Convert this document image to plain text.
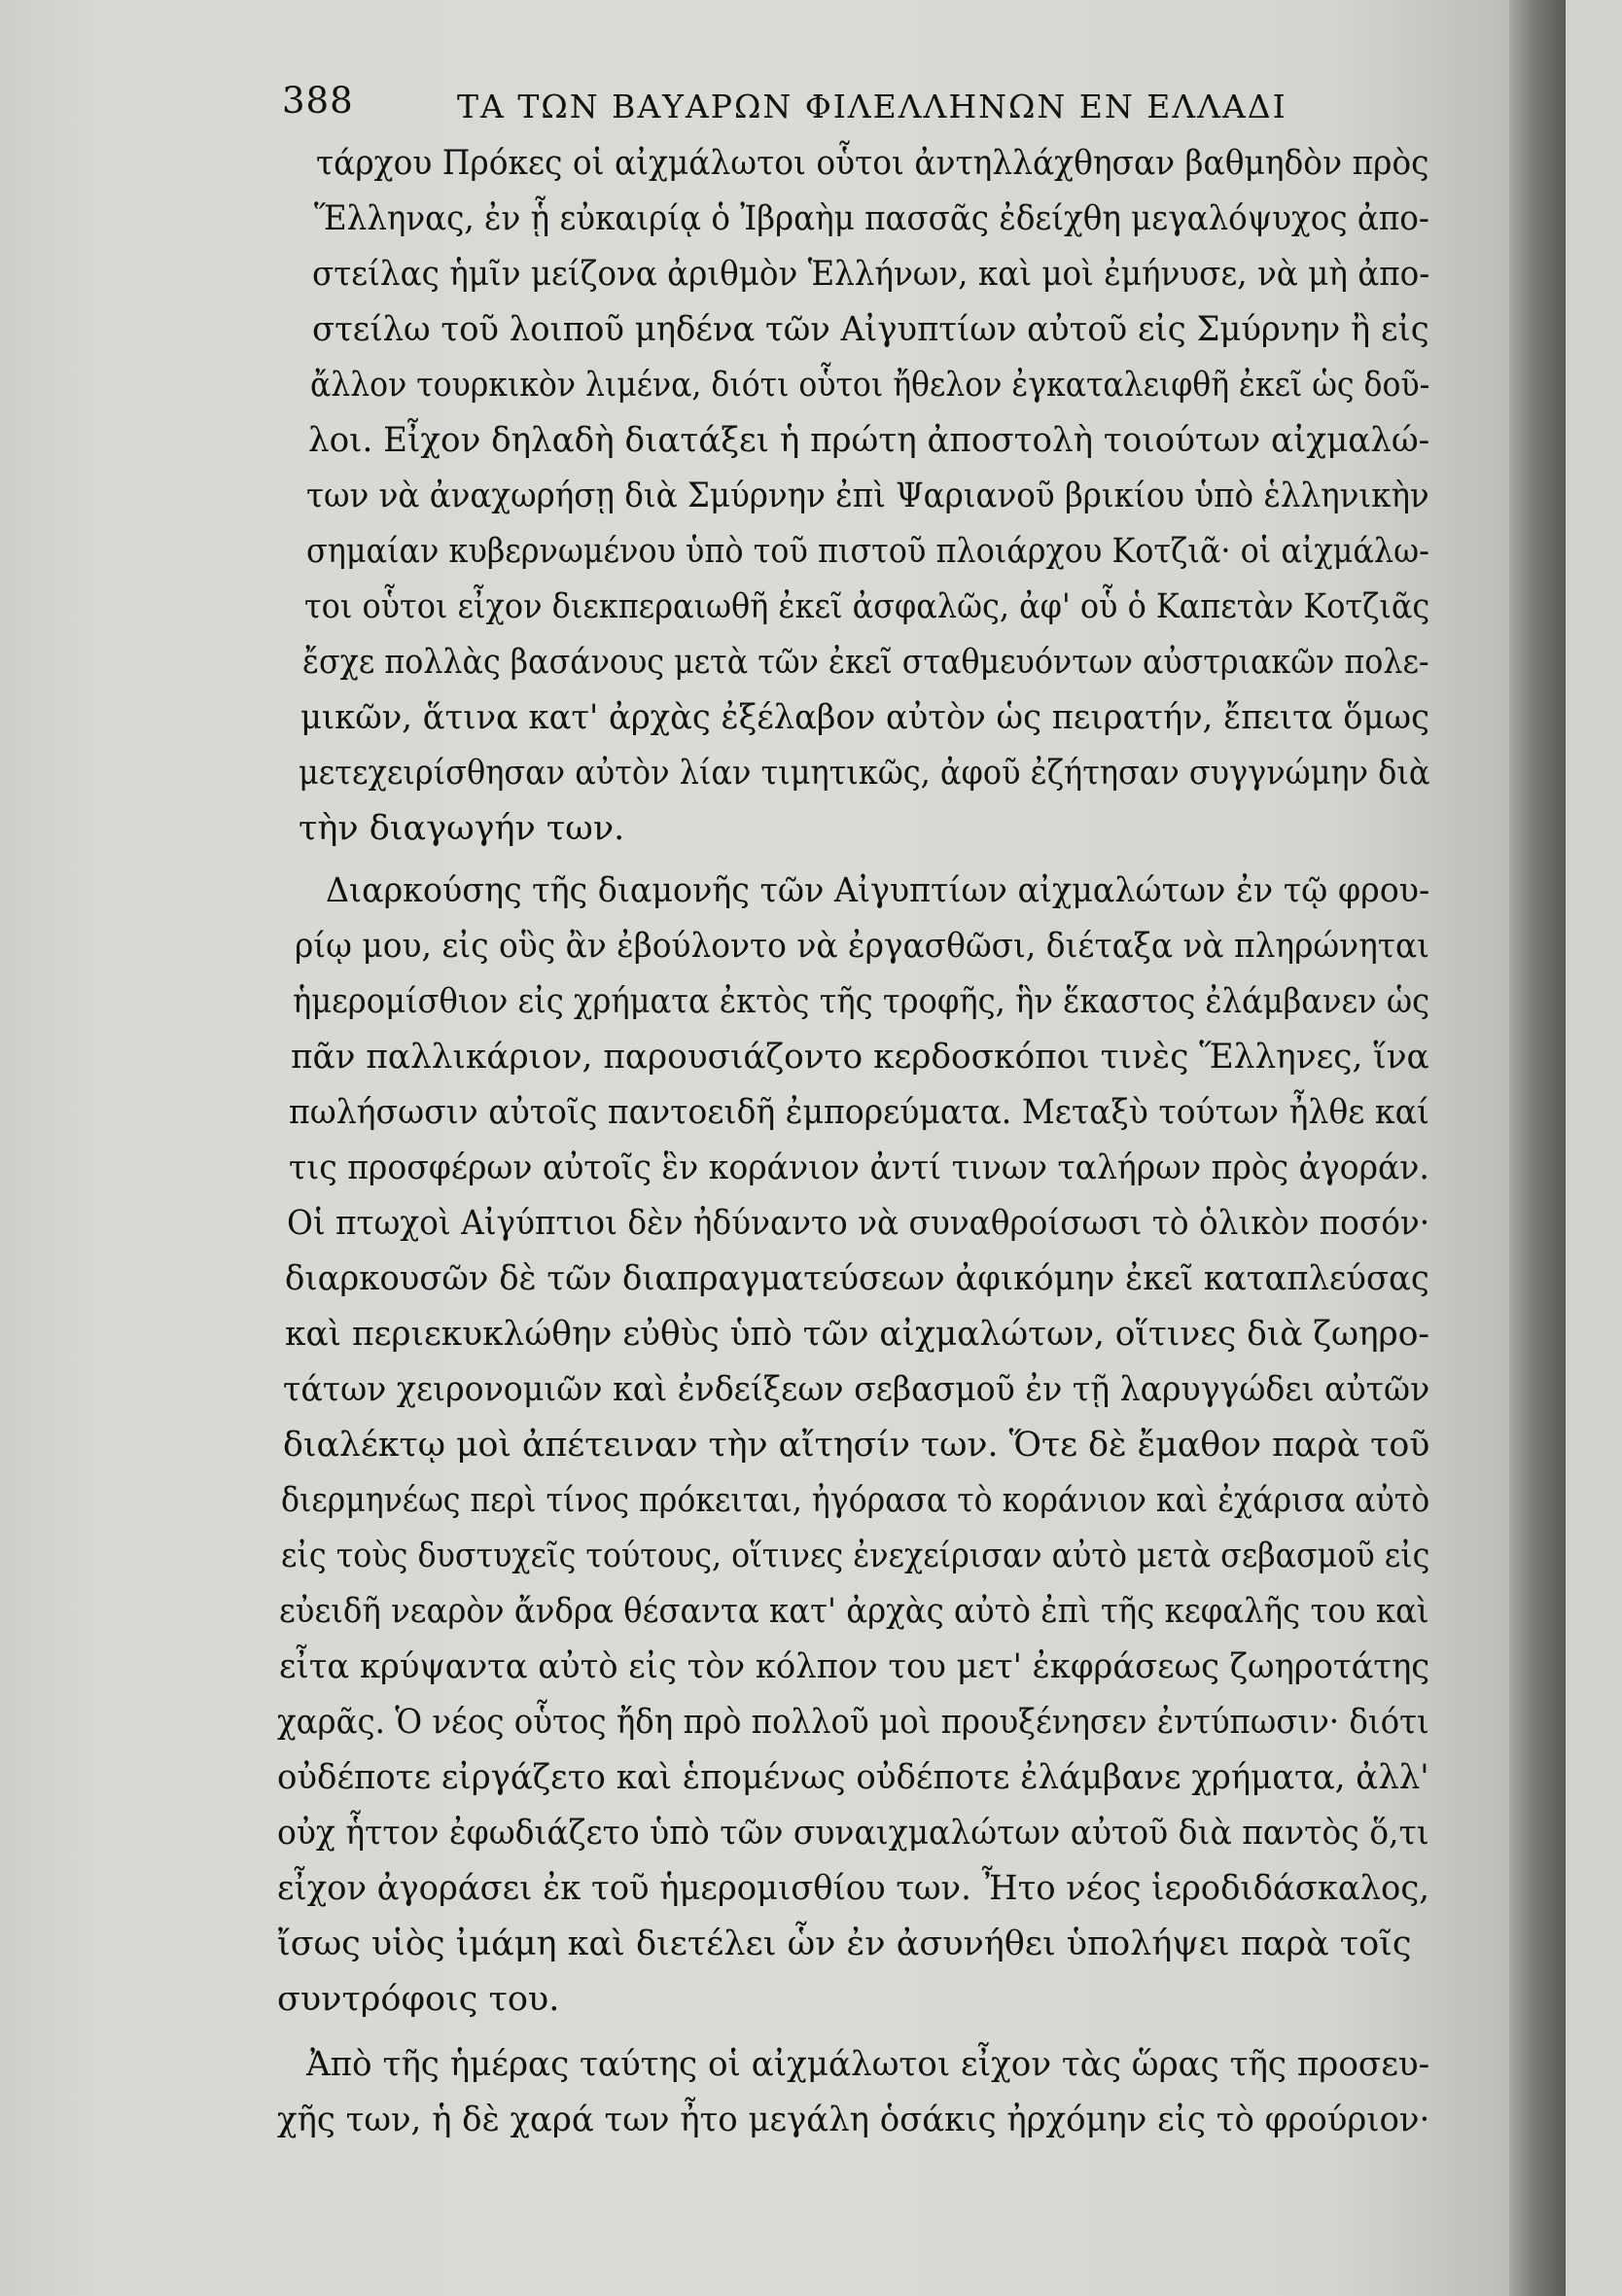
388	ΤΑ ΤΩΝ ΒΑΥΑΡΩΝ ΦΙΛΕΛΛΗΝΩΝ ΕΝ ΕΛΛΑΔΙ
τάρχου Πρόκες οἱ αἰχμάλωτοι οὗτοι ἀντηλλάχθησαν βαθμηδὸν πρὸς
Ἕλληνας, ἐν ᾗ εὐκαιρίᾳ ὁ Ἰβραὴμ πασσᾶς ἐδείχθη μεγαλόψυχος ἀπο-
στείλας ἡμῖν μείζονα ἀριθμὸν Ἑλλήνων, καὶ μοὶ ἐμήνυσε, νὰ μὴ ἀπο-
στείλω τοῦ λοιποῦ μηδένα τῶν Αἰγυπτίων αὐτοῦ εἰς Σμύρνην ἢ εἰς
ἄλλον τουρκικὸν λιμένα, διότι οὗτοι ἤθελον ἐγκαταλειφθῆ ἐκεῖ ὡς δοῦ-
λοι. Εἶχον δηλαδὴ διατάξει ἡ πρώτη ἀποστολὴ τοιούτων αἰχμαλώ-
των νὰ ἀναχωρήσῃ διὰ Σμύρνην ἐπὶ Ψαριανοῦ βρικίου ὑπὸ ἑλληνικὴν
σημαίαν κυβερνωμένου ὑπὸ τοῦ πιστοῦ πλοιάρχου Κοτζιᾶ· οἱ αἰχμάλω-
τοι οὗτοι εἶχον διεκπεραιωθῆ ἐκεῖ ἀσφαλῶς, ἀφ' οὗ ὁ Καπετὰν Κοτζιᾶς
ἔσχε πολλὰς βασάνους μετὰ τῶν ἐκεῖ σταθμευόντων αὐστριακῶν πολε-
μικῶν, ἅτινα κατ' ἀρχὰς ἐξέλαβον αὐτὸν ὡς πειρατήν, ἔπειτα ὅμως
μετεχειρίσθησαν αὐτὸν λίαν τιμητικῶς, ἀφοῦ ἐζήτησαν συγγνώμην διὰ
τὴν διαγωγήν των.
Διαρκούσης τῆς διαμονῆς τῶν Αἰγυπτίων αἰχμαλώτων ἐν τῷ φρου-
ρίῳ μου, εἰς οὓς ἂν ἐβούλοντο νὰ ἐργασθῶσι, διέταξα νὰ πληρώνηται
ἡμερομίσθιον εἰς χρήματα ἐκτὸς τῆς τροφῆς, ἣν ἕκαστος ἐλάμβανεν ὡς
πᾶν παλλικάριον, παρουσιάζοντο κερδοσκόποι τινὲς Ἕλληνες, ἵνα
πωλήσωσιν αὐτοῖς παντοειδῆ ἐμπορεύματα. Μεταξὺ τούτων ἦλθε καί
τις προσφέρων αὐτοῖς ἓν κοράνιον ἀντί τινων ταλήρων πρὸς ἀγοράν.
Οἱ πτωχοὶ Αἰγύπτιοι δὲν ἠδύναντο νὰ συναθροίσωσι τὸ ὁλικὸν ποσόν·
διαρκουσῶν δὲ τῶν διαπραγματεύσεων ἀφικόμην ἐκεῖ καταπλεύσας
καὶ περιεκυκλώθην εὐθὺς ὑπὸ τῶν αἰχμαλώτων, οἵτινες διὰ ζωηρο-
τάτων χειρονομιῶν καὶ ἐνδείξεων σεβασμοῦ ἐν τῇ λαρυγγώδει αὐτῶν
διαλέκτῳ μοὶ ἀπέτειναν τὴν αἴτησίν των. Ὅτε δὲ ἔμαθον παρὰ τοῦ
διερμηνέως περὶ τίνος πρόκειται, ἠγόρασα τὸ κοράνιον καὶ ἐχάρισα αὐτὸ
εἰς τοὺς δυστυχεῖς τούτους, οἵτινες ἐνεχείρισαν αὐτὸ μετὰ σεβασμοῦ εἰς
εὐειδῆ νεαρὸν ἄνδρα θέσαντα κατ' ἀρχὰς αὐτὸ ἐπὶ τῆς κεφαλῆς του καὶ
εἶτα κρύψαντα αὐτὸ εἰς τὸν κόλπον του μετ' ἐκφράσεως ζωηροτάτης
χαρᾶς. Ὁ νέος οὗτος ἤδη πρὸ πολλοῦ μοὶ προυξένησεν ἐντύπωσιν· διότι
οὐδέποτε εἰργάζετο καὶ ἑπομένως οὐδέποτε ἐλάμβανε χρήματα, ἀλλ'
οὐχ ἧττον ἐφωδιάζετο ὑπὸ τῶν συναιχμαλώτων αὐτοῦ διὰ παντὸς ὅ,τι
εἶχον ἀγοράσει ἐκ τοῦ ἡμερομισθίου των. Ἦτο νέος ἱεροδιδάσκαλος,
ἴσως υἱὸς ἰμάμη καὶ διετέλει ὧν ἐν ἀσυνήθει ὑπολήψει παρὰ τοῖς
συντρόφοις του.
Ἀπὸ τῆς ἡμέρας ταύτης οἱ αἰχμάλωτοι εἶχον τὰς ὥρας τῆς προσευ-
χῆς των, ἡ δὲ χαρά των ἦτο μεγάλη ὁσάκις ἠρχόμην εἰς τὸ φρούριον·
